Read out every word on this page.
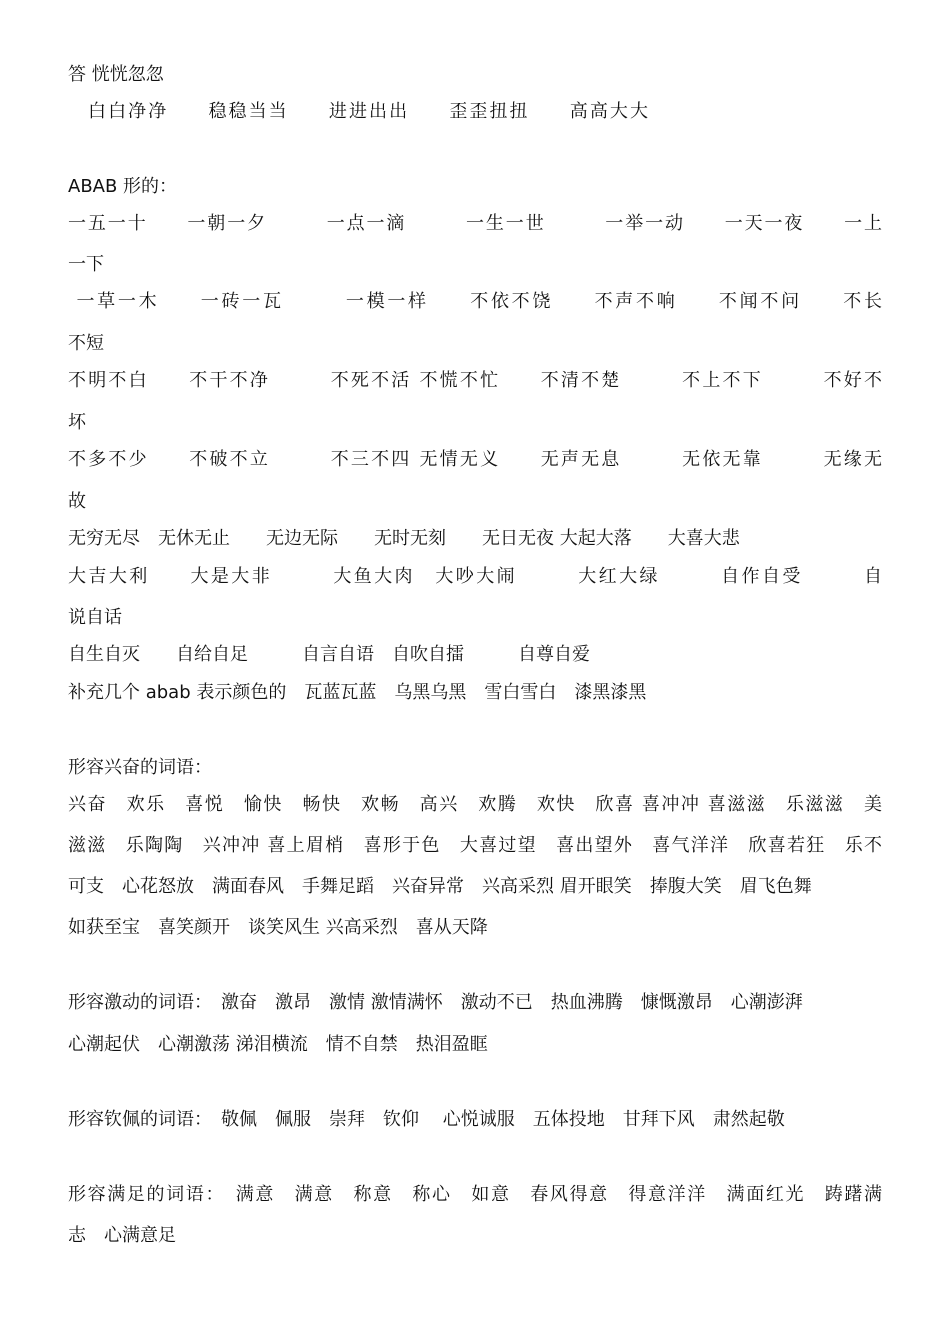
答 恍恍忽忽
白白净净　　稳稳当当　　进进出出　　歪歪扭扭　　高高大大
ABAB 形的：
一五一十　　一朝一夕　　　一点一滴　　　一生一世　　　一举一动　　一天一夜　　一上
一下
一草一木　　一砖一瓦　　　一模一样　　不依不饶　　不声不响　　不闻不问　　不长
不短
不明不白　　不干不净　　　不死不活 不慌不忙　　不清不楚　　　不上不下　　　不好不
坏
不多不少　　不破不立　　　不三不四 无情无义　　无声无息　　　无依无靠　　　无缘无
故
无穷无尽　无休无止　　无边无际　　无时无刻　　无日无夜 大起大落　　大喜大悲
大吉大利　　大是大非　　　大鱼大肉　大吵大闹　　　大红大绿　　　自作自受　　　自
说自话
自生自灭　　自给自足　　　自言自语　自吹自擂　　　自尊自爱
补充几个 abab 表示颜色的　瓦蓝瓦蓝　乌黑乌黑　雪白雪白　漆黑漆黑
形容兴奋的词语：
兴奋　欢乐　喜悦　愉快　畅快　欢畅　高兴　欢腾　欢快　欣喜 喜冲冲 喜滋滋　乐滋滋　美
滋滋　乐陶陶　兴冲冲 喜上眉梢　喜形于色　大喜过望　喜出望外　喜气洋洋　欣喜若狂　乐不
可支　心花怒放　满面春风　手舞足蹈　兴奋异常　兴高采烈 眉开眼笑　捧腹大笑　眉飞色舞
如获至宝　喜笑颜开　谈笑风生 兴高采烈　喜从天降
形容激动的词语：　激奋　激昂　激情 激情满怀　激动不已　热血沸腾　慷慨激昂　心潮澎湃
心潮起伏　心潮激荡 涕泪横流　情不自禁　热泪盈眶
形容钦佩的词语：　敬佩　佩服　崇拜　钦仰　 心悦诚服　五体投地　甘拜下风　肃然起敬
形容满足的词语：　满意　满意　称意　称心　如意　春风得意　得意洋洋　满面红光　踌躇满
志　心满意足
